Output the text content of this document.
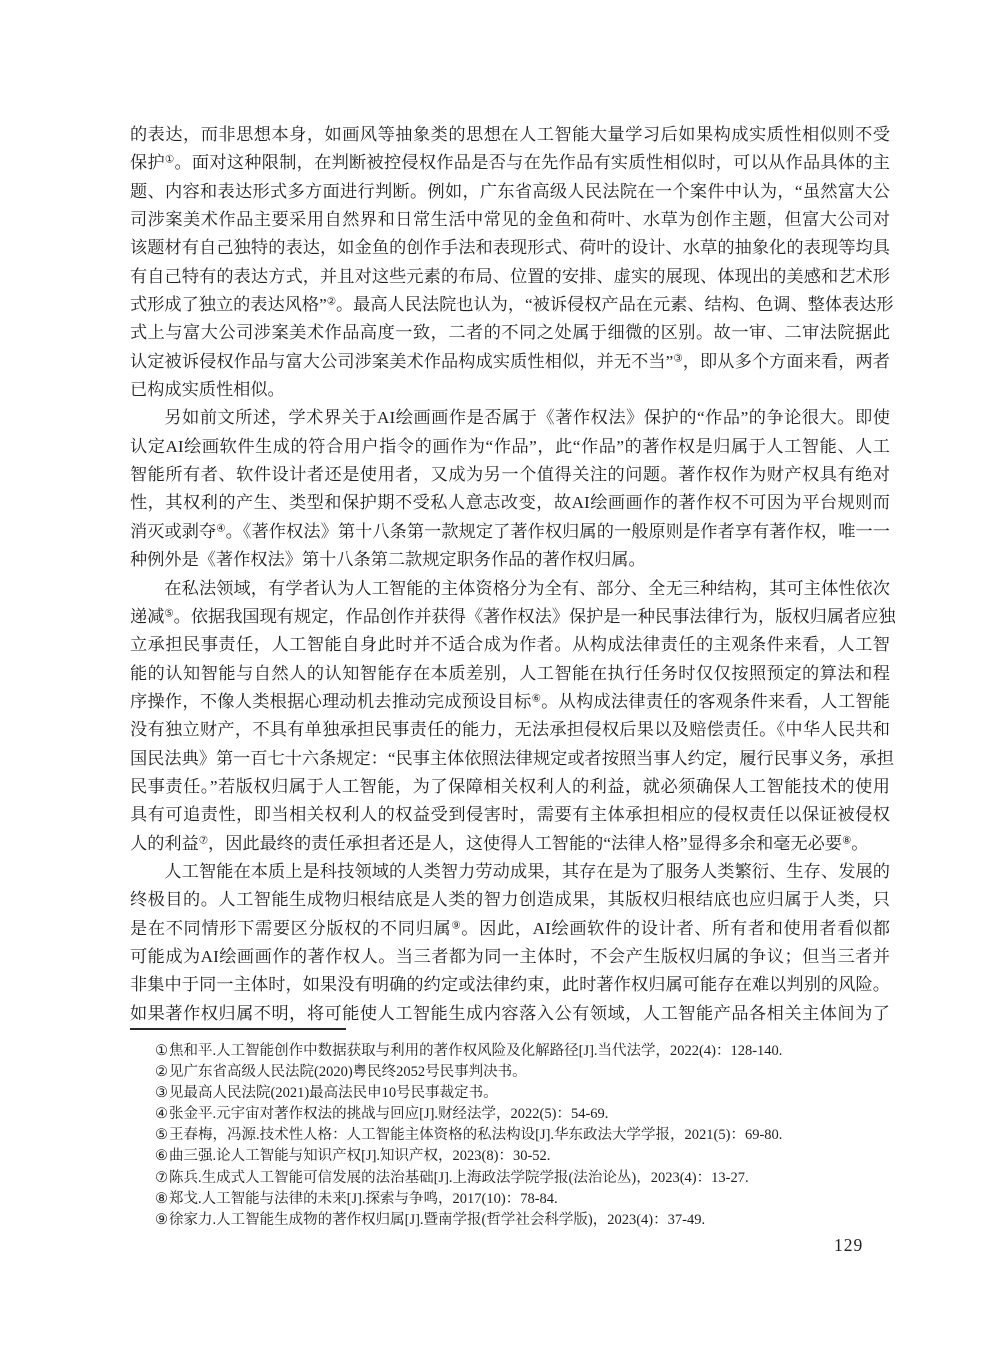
的表达，而非思想本身，如画风等抽象类的思想在人工智能大量学习后如果构成实质性相似则不受
保护①。面对这种限制，在判断被控侵权作品是否与在先作品有实质性相似时，可以从作品具体的主
题、内容和表达形式多方面进行判断。例如，广东省高级人民法院在一个案件中认为，“虽然富大公
司涉案美术作品主要采用自然界和日常生活中常见的金鱼和荷叶、水草为创作主题，但富大公司对
该题材有自己独特的表达，如金鱼的创作手法和表现形式、荷叶的设计、水草的抽象化的表现等均具
有自己特有的表达方式，并且对这些元素的布局、位置的安排、虚实的展现、体现出的美感和艺术形
式形成了独立的表达风格”②。最高人民法院也认为，“被诉侵权产品在元素、结构、色调、整体表达形
式上与富大公司涉案美术作品高度一致，二者的不同之处属于细微的区别。故一审、二审法院据此
认定被诉侵权作品与富大公司涉案美术作品构成实质性相似，并无不当”③，即从多个方面来看，两者
已构成实质性相似。
另如前文所述，学术界关于AI绘画画作是否属于《著作权法》保护的“作品”的争论很大。即使
认定AI绘画软件生成的符合用户指令的画作为“作品”，此“作品”的著作权是归属于人工智能、人工
智能所有者、软件设计者还是使用者，又成为另一个值得关注的问题。著作权作为财产权具有绝对
性，其权利的产生、类型和保护期不受私人意志改变，故AI绘画画作的著作权不可因为平台规则而
消灭或剥夺④。《著作权法》第十八条第一款规定了著作权归属的一般原则是作者享有著作权，唯一一
种例外是《著作权法》第十八条第二款规定职务作品的著作权归属。
在私法领域，有学者认为人工智能的主体资格分为全有、部分、全无三种结构，其可主体性依次
递减⑤。依据我国现有规定，作品创作并获得《著作权法》保护是一种民事法律行为，版权归属者应独
立承担民事责任，人工智能自身此时并不适合成为作者。从构成法律责任的主观条件来看，人工智
能的认知智能与自然人的认知智能存在本质差别，人工智能在执行任务时仅仅按照预定的算法和程
序操作，不像人类根据心理动机去推动完成预设目标⑥。从构成法律责任的客观条件来看，人工智能
没有独立财产，不具有单独承担民事责任的能力，无法承担侵权后果以及赔偿责任。《中华人民共和
国民法典》第一百七十六条规定：“民事主体依照法律规定或者按照当事人约定，履行民事义务，承担
民事责任。”若版权归属于人工智能，为了保障相关权利人的利益，就必须确保人工智能技术的使用
具有可追责性，即当相关权利人的权益受到侵害时，需要有主体承担相应的侵权责任以保证被侵权
人的利益⑦，因此最终的责任承担者还是人，这使得人工智能的“法律人格”显得多余和毫无必要⑧。
人工智能在本质上是科技领域的人类智力劳动成果，其存在是为了服务人类繁衍、生存、发展的
终极目的。人工智能生成物归根结底是人类的智力创造成果，其版权归根结底也应归属于人类，只
是在不同情形下需要区分版权的不同归属⑨。因此，AI绘画软件的设计者、所有者和使用者看似都
可能成为AI绘画画作的著作权人。当三者都为同一主体时，不会产生版权归属的争议；但当三者并
非集中于同一主体时，如果没有明确的约定或法律约束，此时著作权归属可能存在难以判别的风险。
如果著作权归属不明，将可能使人工智能生成内容落入公有领域，人工智能产品各相关主体间为了
①焦和平.人工智能创作中数据获取与利用的著作权风险及化解路径[J].当代法学，2022(4)：128-140.
②见广东省高级人民法院(2020)粤民终2052号民事判决书。
③见最高人民法院(2021)最高法民申10号民事裁定书。
④张金平.元宇宙对著作权法的挑战与回应[J].财经法学，2022(5)：54-69.
⑤王春梅，冯源.技术性人格：人工智能主体资格的私法构设[J].华东政法大学学报，2021(5)：69-80.
⑥曲三强.论人工智能与知识产权[J].知识产权，2023(8)：30-52.
⑦陈兵.生成式人工智能可信发展的法治基础[J].上海政法学院学报(法治论丛)，2023(4)：13-27.
⑧郑戈.人工智能与法律的未来[J].探索与争鸣，2017(10)：78-84.
⑨徐家力.人工智能生成物的著作权归属[J].暨南学报(哲学社会科学版)，2023(4)：37-49.
129
